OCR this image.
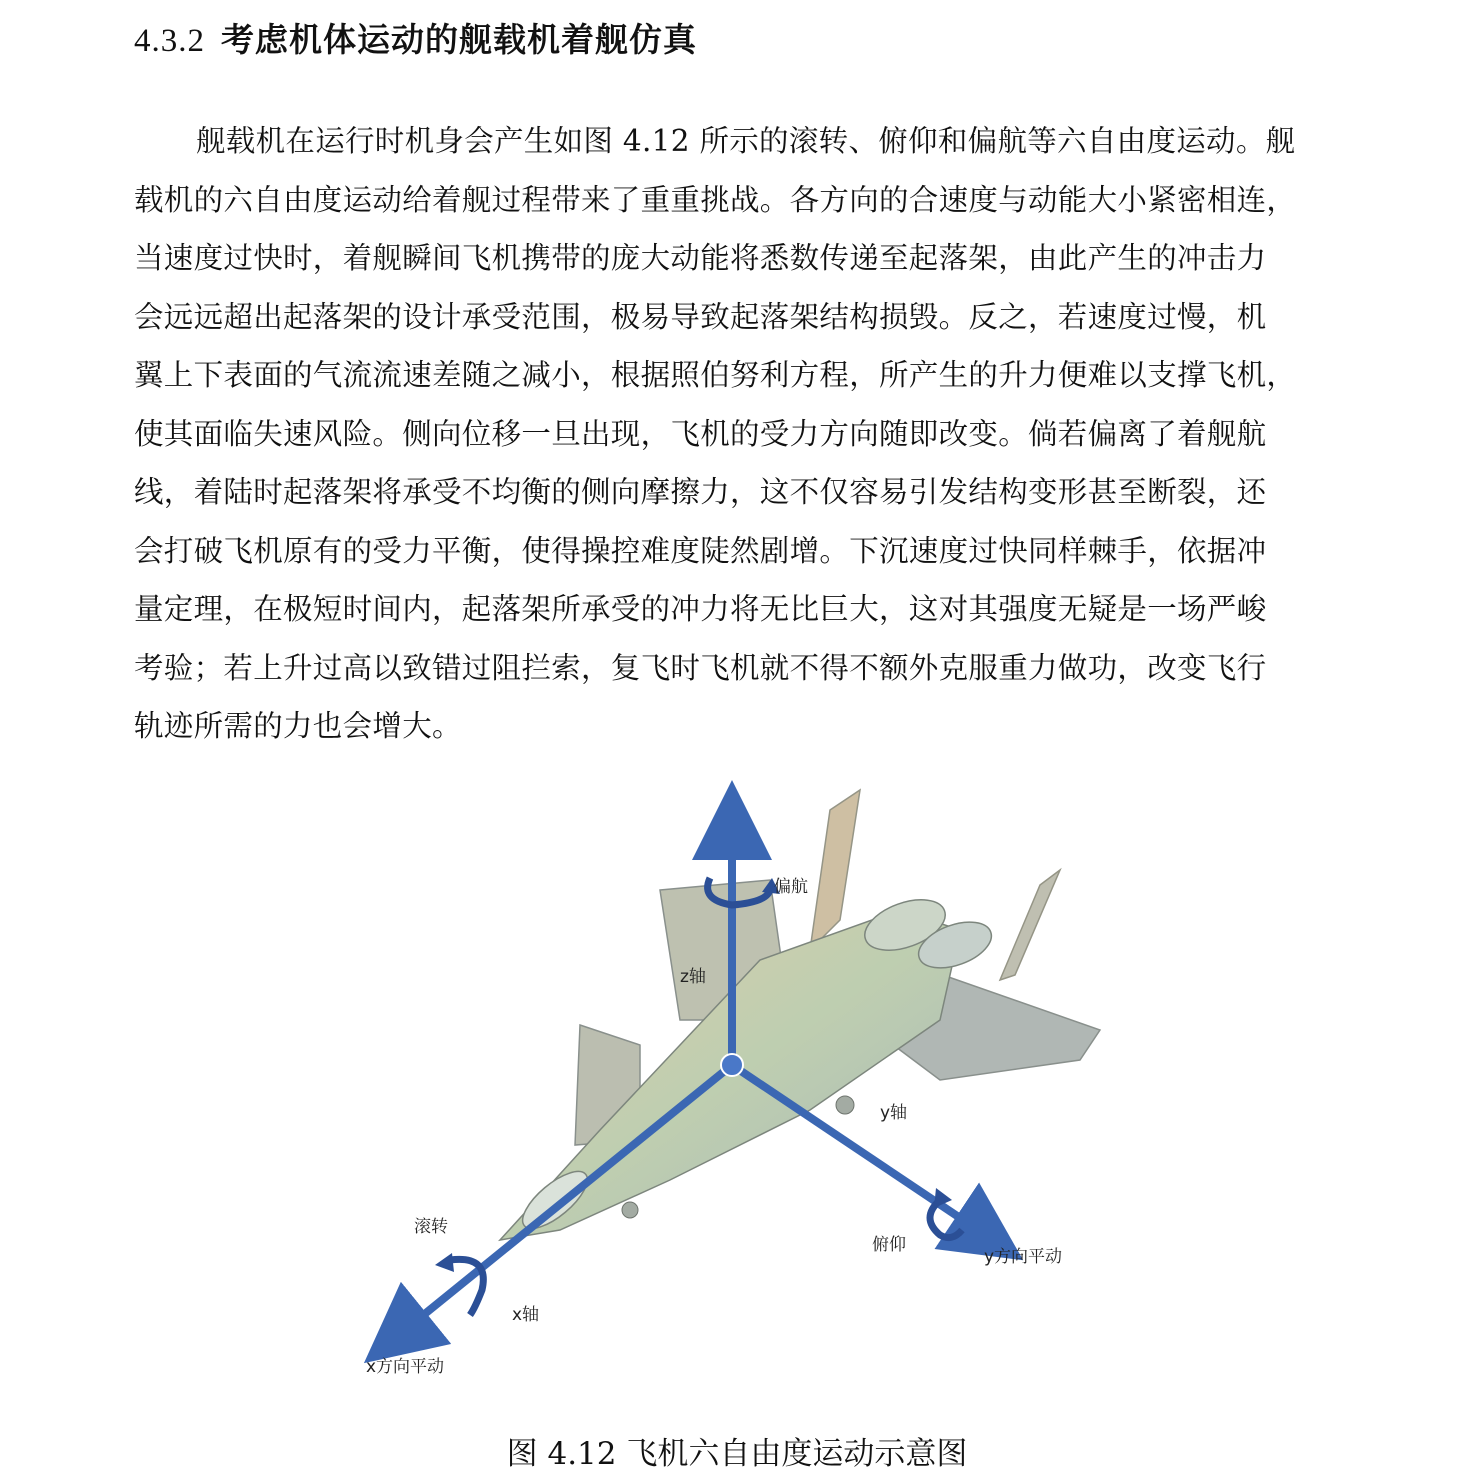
4.3.2 考虑机体运动的舰载机着舰仿真
舰载机在运行时机身会产生如图 4.12 所示的滚转、俯仰和偏航等六自由度运动。舰
载机的六自由度运动给着舰过程带来了重重挑战。各方向的合速度与动能大小紧密相连，
当速度过快时，着舰瞬间飞机携带的庞大动能将悉数传递至起落架，由此产生的冲击力
会远远超出起落架的设计承受范围，极易导致起落架结构损毁。反之，若速度过慢，机
翼上下表面的气流流速差随之减小，根据照伯努利方程，所产生的升力便难以支撑飞机，
使其面临失速风险。侧向位移一旦出现，飞机的受力方向随即改变。倘若偏离了着舰航
线，着陆时起落架将承受不均衡的侧向摩擦力，这不仅容易引发结构变形甚至断裂，还
会打破飞机原有的受力平衡，使得操控难度陡然剧增。下沉速度过快同样棘手，依据冲
量定理，在极短时间内，起落架所承受的冲力将无比巨大，这对其强度无疑是一场严峻
考验；若上升过高以致错过阻拦索，复飞时飞机就不得不额外克服重力做功，改变飞行
轨迹所需的力也会增大。
偏航
z轴
y轴
俯仰
y方向平动
滚转
x轴
x方向平动
图 4.12 飞机六自由度运动示意图
